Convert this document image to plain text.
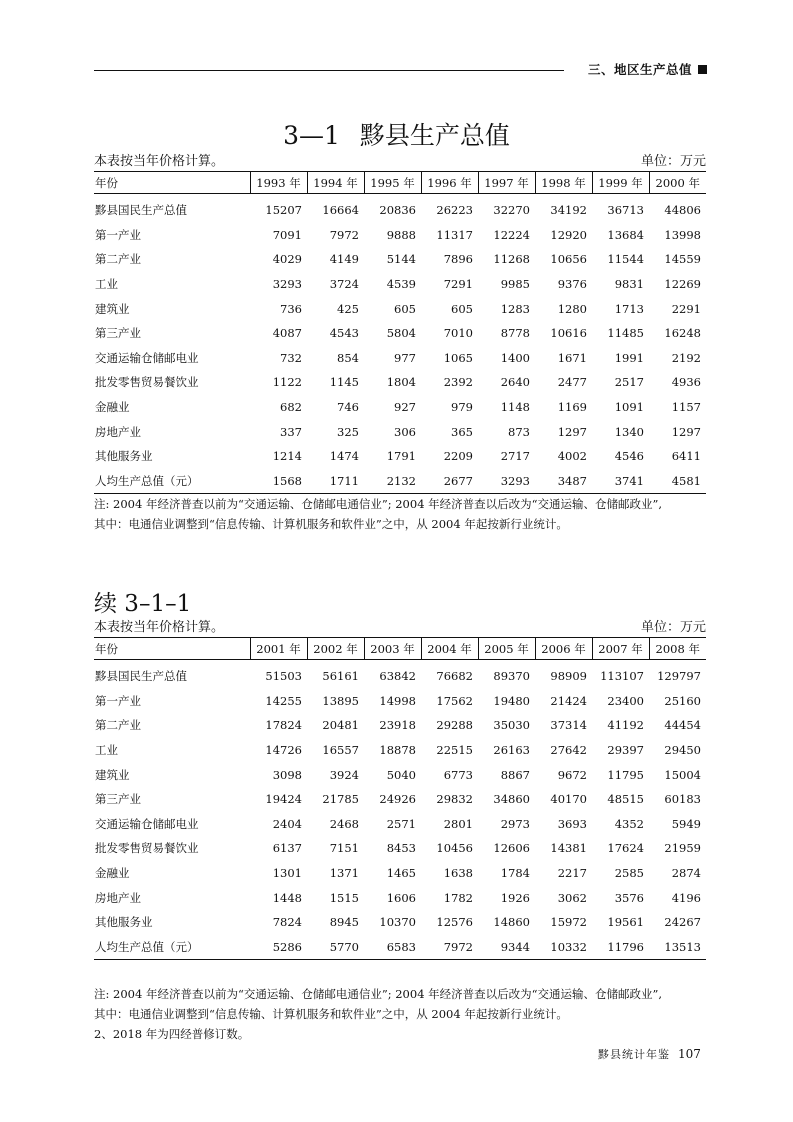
三、地区生产总值
3—1 黟县生产总值
本表按当年价格计算。	单位：万元
年份	1993 年	1994 年	1995 年	1996 年	1997 年	1998 年	1999 年	2000 年
黟县国民生产总值	15207	16664	20836	26223	32270	34192	36713	44806
第一产业	7091	7972	9888	11317	12224	12920	13684	13998
第二产业	4029	4149	5144	7896	11268	10656	11544	14559
工业	3293	3724	4539	7291	9985	9376	9831	12269
建筑业	736	425	605	605	1283	1280	1713	2291
第三产业	4087	4543	5804	7010	8778	10616	11485	16248
交通运输仓储邮电业	732	854	977	1065	1400	1671	1991	2192
批发零售贸易餐饮业	1122	1145	1804	2392	2640	2477	2517	4936
金融业	682	746	927	979	1148	1169	1091	1157
房地产业	337	325	306	365	873	1297	1340	1297
其他服务业	1214	1474	1791	2209	2717	4002	4546	6411
人均生产总值（元）	1568	1711	2132	2677	3293	3487	3741	4581
注: 2004 年经济普查以前为“交通运输、仓储邮电通信业”; 2004 年经济普查以后改为“交通运输、仓储邮政业”,
其中：电通信业调整到“信息传输、计算机服务和软件业”之中，从 2004 年起按新行业统计。
续 3–1–1
本表按当年价格计算。	单位：万元
年份	2001 年	2002 年	2003 年	2004 年	2005 年	2006 年	2007 年	2008 年
黟县国民生产总值	51503	56161	63842	76682	89370	98909	113107	129797
第一产业	14255	13895	14998	17562	19480	21424	23400	25160
第二产业	17824	20481	23918	29288	35030	37314	41192	44454
工业	14726	16557	18878	22515	26163	27642	29397	29450
建筑业	3098	3924	5040	6773	8867	9672	11795	15004
第三产业	19424	21785	24926	29832	34860	40170	48515	60183
交通运输仓储邮电业	2404	2468	2571	2801	2973	3693	4352	5949
批发零售贸易餐饮业	6137	7151	8453	10456	12606	14381	17624	21959
金融业	1301	1371	1465	1638	1784	2217	2585	2874
房地产业	1448	1515	1606	1782	1926	3062	3576	4196
其他服务业	7824	8945	10370	12576	14860	15972	19561	24267
人均生产总值（元）	5286	5770	6583	7972	9344	10332	11796	13513
注: 2004 年经济普查以前为“交通运输、仓储邮电通信业”; 2004 年经济普查以后改为“交通运输、仓储邮政业”,
其中：电通信业调整到“信息传输、计算机服务和软件业”之中，从 2004 年起按新行业统计。
2、2018 年为四经普修订数。
黟县统计年鉴 107
